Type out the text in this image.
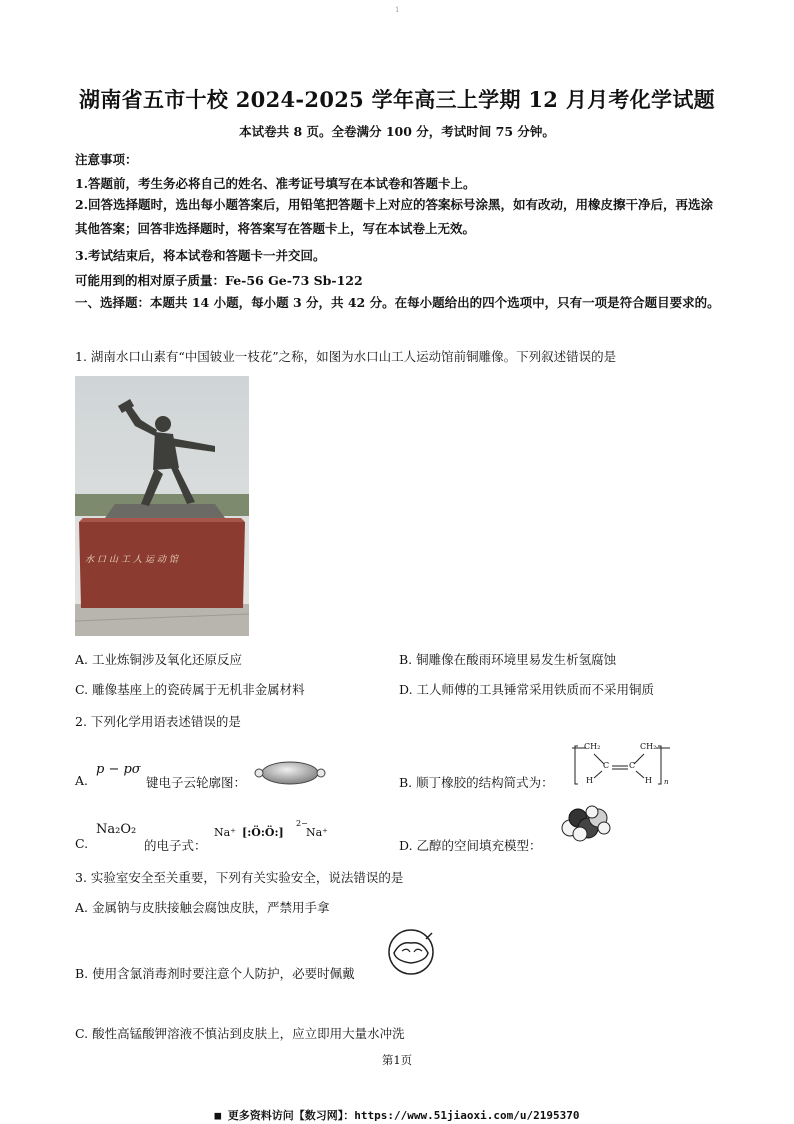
1
湖南省五市十校 2024-2025 学年高三上学期 12 月月考化学试题
本试卷共 8 页。全卷满分 100 分，考试时间 75 分钟。
注意事项：
1.答题前，考生务必将自己的姓名、准考证号填写在本试卷和答题卡上。
2.回答选择题时，选出每小题答案后，用铅笔把答题卡上对应的答案标号涂黑，如有改动，用橡皮擦干净后，再选涂其他答案；回答非选择题时，将答案写在答题卡上，写在本试卷上无效。
3.考试结束后，将本试卷和答题卡一并交回。
可能用到的相对原子质量：Fe-56 Ge-73 Sb-122
一、选择题：本题共 14 小题，每小题 3 分，共 42 分。在每小题给出的四个选项中，只有一项是符合题目要求的。
1. 湖南水口山素有“中国铍业一枝花”之称，如图为水口山工人运动馆前铜雕像。下列叙述错误的是
水口山工人运动馆
A. 工业炼铜涉及氧化还原反应	B. 铜雕像在酸雨环境里易发生析氢腐蚀
C. 雕像基座上的瓷砖属于无机非金属材料	D. 工人师傅的工具锤常采用铁质而不采用铜质
2. 下列化学用语表述错误的是
A.
p − pσ
键电子云轮廓图：	B. 顺丁橡胶的结构简式为：
CH₂	CH₂
C C
H	H n
C.
Na₂O₂
的电子式：
Na⁺ [:Ö:Ö:]
2−
Na⁺
D. 乙醇的空间填充模型：
3. 实验室安全至关重要，下列有关实验安全，说法错误的是
A. 金属钠与皮肤接触会腐蚀皮肤，严禁用手拿
B. 使用含氯消毒剂时要注意个人防护，必要时佩戴
C. 酸性高锰酸钾溶液不慎沾到皮肤上，应立即用大量水冲洗
第1页
■ 更多资料访问【数习网】：https://www.51jiaoxi.com/u/2195370
